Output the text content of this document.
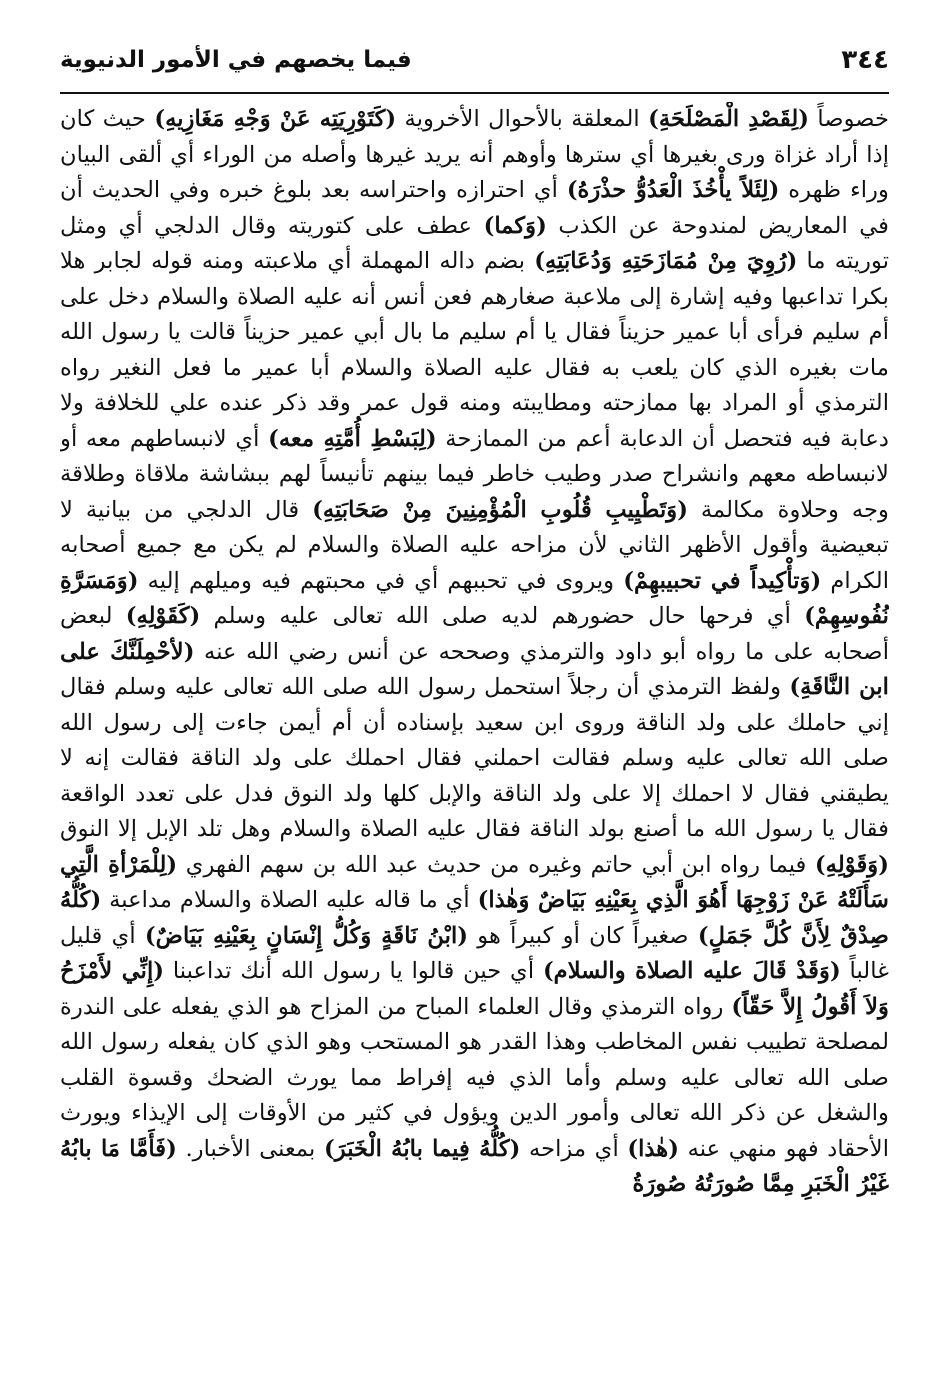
٣٤٤
فيما يخصهم في الأمور الدنيوية
خصوصاً (لِقَصْدِ الْمَصْلَحَةِ) المعلقة بالأحوال الأخروية (كَتَوْرِيَتِه عَنْ وَجْهِ مَغَازِيهِ) حيث كان إذا أراد غزاة ورى بغيرها أي سترها وأوهم أنه يريد غيرها وأصله من الوراء أي ألقى البيان وراء ظهره (لِئَلاً يأْخُذَ الْعَدُوُّ حذْرَهُ) أي احترازه واحتراسه بعد بلوغ خبره وفي الحديث أن في المعاريض لمندوحة عن الكذب (وَكما) عطف على كتوريته وقال الدلجي أي ومثل توريته ما (رُوِيَ مِنْ مُمَازَحَتِهِ وَدُعَابَتِهِ) بضم داله المهملة أي ملاعبته ومنه قوله لجابر هلا بكرا تداعبها وفيه إشارة إلى ملاعبة صغارهم فعن أنس أنه عليه الصلاة والسلام دخل على أم سليم فرأى أبا عمير حزيناً فقال يا أم سليم ما بال أبي عمير حزيناً قالت يا رسول الله مات بغيره الذي كان يلعب به فقال عليه الصلاة والسلام أبا عمير ما فعل النغير رواه الترمذي أو المراد بها ممازحته ومطايبته ومنه قول عمر وقد ذكر عنده علي للخلافة ولا دعابة فيه فتحصل أن الدعابة أعم من الممازحة (لِبَسْطِ أُمَّتِهِ معه) أي لانبساطهم معه أو لانبساطه معهم وانشراح صدر وطيب خاطر فيما بينهم تأنيساً لهم ببشاشة ملاقاة وطلاقة وجه وحلاوة مكالمة (وَتَطْيِيبِ قُلُوبِ الْمُؤْمِنِينَ مِنْ صَحَابَتِهِ) قال الدلجي من بيانية لا تبعيضية وأقول الأظهر الثاني لأن مزاحه عليه الصلاة والسلام لم يكن مع جميع أصحابه الكرام (وَتأْكِيداً في تحبيبهِمْ) ويروى في تحببهم أي في محبتهم فيه وميلهم إليه (وَمَسَرَّةِ نُفُوسِهِمْ) أي فرحها حال حضورهم لديه صلى الله تعالى عليه وسلم (كَقَوْلِهِ) لبعض أصحابه على ما رواه أبو داود والترمذي وصححه عن أنس رضي الله عنه (لأحْمِلَنَّكَ على ابن النَّاقَةِ) ولفظ الترمذي أن رجلاً استحمل رسول الله صلى الله تعالى عليه وسلم فقال إني حاملك على ولد الناقة وروى ابن سعيد بإسناده أن أم أيمن جاءت إلى رسول الله صلى الله تعالى عليه وسلم فقالت احملني فقال احملك على ولد الناقة فقالت إنه لا يطيقني فقال لا احملك إلا على ولد الناقة والإبل كلها ولد النوق فدل على تعدد الواقعة فقال يا رسول الله ما أصنع بولد الناقة فقال عليه الصلاة والسلام وهل تلد الإبل إلا النوق (وَقَوْلِهِ) فيما رواه ابن أبي حاتم وغيره من حديث عبد الله بن سهم الفهري (لِلْمَرْأةِ الَّتِي سَأَلَتْهُ عَنْ زَوْجِهَا أَهُوَ الَّذِي بِعَيْنِهِ بَيَاضٌ وَهٰذا) أي ما قاله عليه الصلاة والسلام مداعبة (كُلُّهُ صِدْقٌ لِأَنَّ كُلَّ جَمَلٍ) صغيراً كان أو كبيراً هو (ابْنُ نَاقَةٍ وَكُلُّ إِنْسَانٍ بِعَيْنِهِ بَيَاضٌ) أي قليل غالباً (وَقَدْ قَالَ عليه الصلاة والسلام) أي حين قالوا يا رسول الله أنك تداعبنا (إِنِّي لأَمْزَحُ وَلاَ أَقُولُ إِلاَّ حَقّاً) رواه الترمذي وقال العلماء المباح من المزاح هو الذي يفعله على الندرة لمصلحة تطييب نفس المخاطب وهذا القدر هو المستحب وهو الذي كان يفعله رسول الله صلى الله تعالى عليه وسلم وأما الذي فيه إفراط مما يورث الضحك وقسوة القلب والشغل عن ذكر الله تعالى وأمور الدين ويؤول في كثير من الأوقات إلى الإيذاء ويورث الأحقاد فهو منهي عنه (هٰذا) أي مزاحه (كُلُّهُ فِيما بابُهُ الْخَبَرَ) بمعنى الأخبار. (فَأَمَّا مَا بابُهُ غَيْرُ الْخَبَرِ مِمَّا صُورَتُهُ صُورَةُ
